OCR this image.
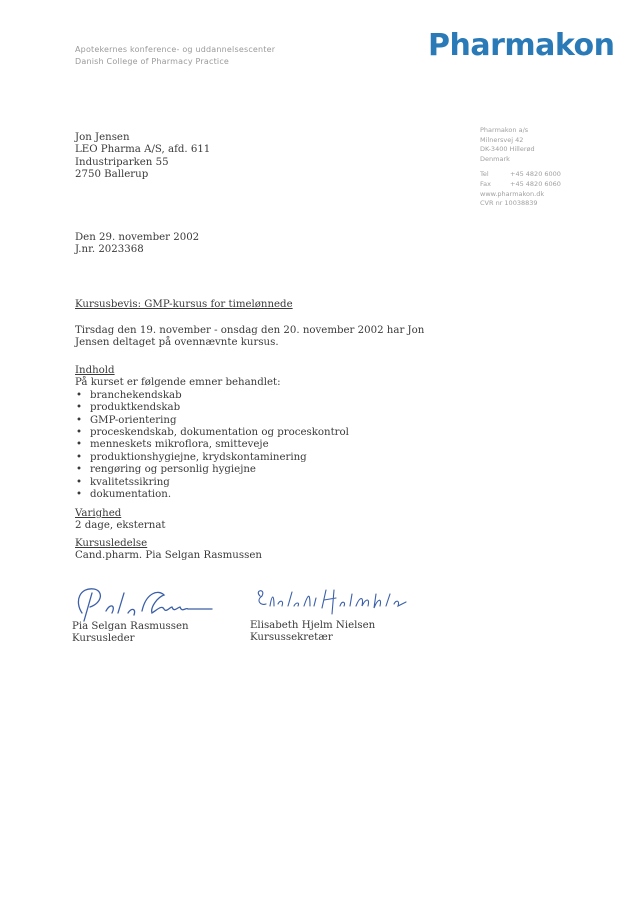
Apotekernes konference- og uddannelsescenter
Danish College of Pharmacy Practice	Pharmakon
Pharmakon a/s
Milnersvej 42
DK-3400 Hillerød
Denmark
Tel	+45 4820 6000
Fax	+45 4820 6060
www.pharmakon.dk
CVR nr 10038839
Jon Jensen
LEO Pharma A/S, afd. 611
Industriparken 55
2750 Ballerup
Den 29. november 2002
J.nr. 2023368
Kursusbevis: GMP-kursus for timelønnede
Tirsdag den 19. november - onsdag den 20. november 2002 har Jon Jensen deltaget på ovennævnte kursus.
Indhold
På kurset er følgende emner behandlet:
• branchekendskab
• produktkendskab
• GMP-orientering
• proceskendskab, dokumentation og proceskontrol
• menneskets mikroflora, smitteveje
• produktionshygiejne, krydskontaminering
• rengøring og personlig hygiejne
• kvalitetssikring
• dokumentation.
Varighed
2 dage, eksternat
Kursusledelse
Cand.pharm. Pia Selgan Rasmussen
Pia Selgan Rasmussen
Kursusleder
Elisabeth Hjelm Nielsen
Kursussekretær
